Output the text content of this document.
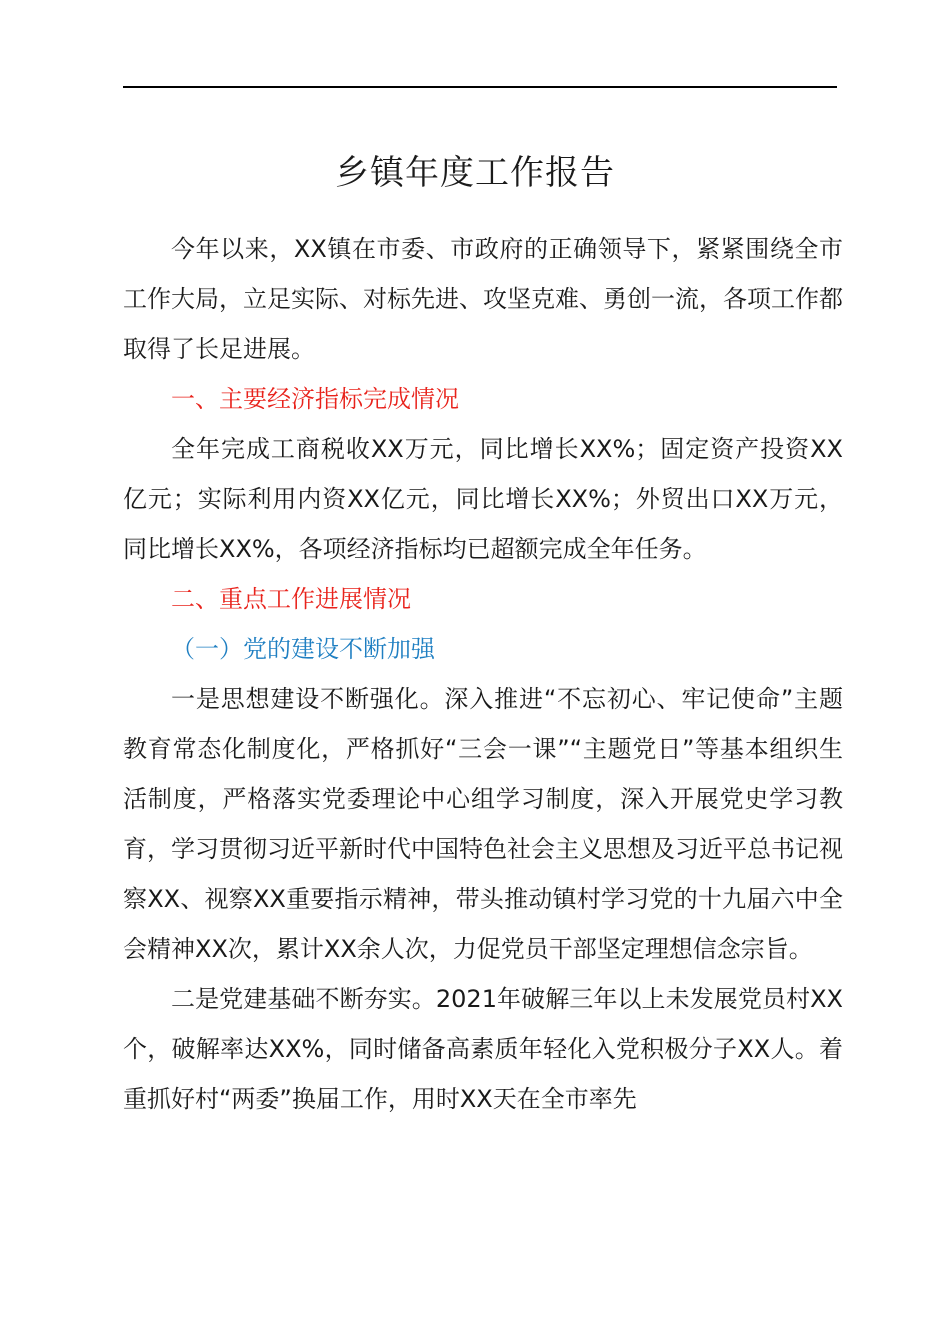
乡镇年度工作报告

今年以来，XX镇在市委、市政府的正确领导下，紧紧围绕全市工作大局，立足实际、对标先进、攻坚克难、勇创一流，各项工作都取得了长足进展。

一、主要经济指标完成情况

全年完成工商税收XX万元，同比增长XX%；固定资产投资XX亿元；实际利用内资XX亿元，同比增长XX%；外贸出口XX万元，同比增长XX%，各项经济指标均已超额完成全年任务。

二、重点工作进展情况

（一）党的建设不断加强

一是思想建设不断强化。深入推进“不忘初心、牢记使命”主题教育常态化制度化，严格抓好“三会一课”“主题党日”等基本组织生活制度，严格落实党委理论中心组学习制度，深入开展党史学习教育，学习贯彻习近平新时代中国特色社会主义思想及习近平总书记视察XX、视察XX重要指示精神，带头推动镇村学习党的十九届六中全会精神XX次，累计XX余人次，力促党员干部坚定理想信念宗旨。

二是党建基础不断夯实。2021年破解三年以上未发展党员村XX个，破解率达XX%，同时储备高素质年轻化入党积极分子XX人。着重抓好村“两委”换届工作，用时XX天在全市率先
